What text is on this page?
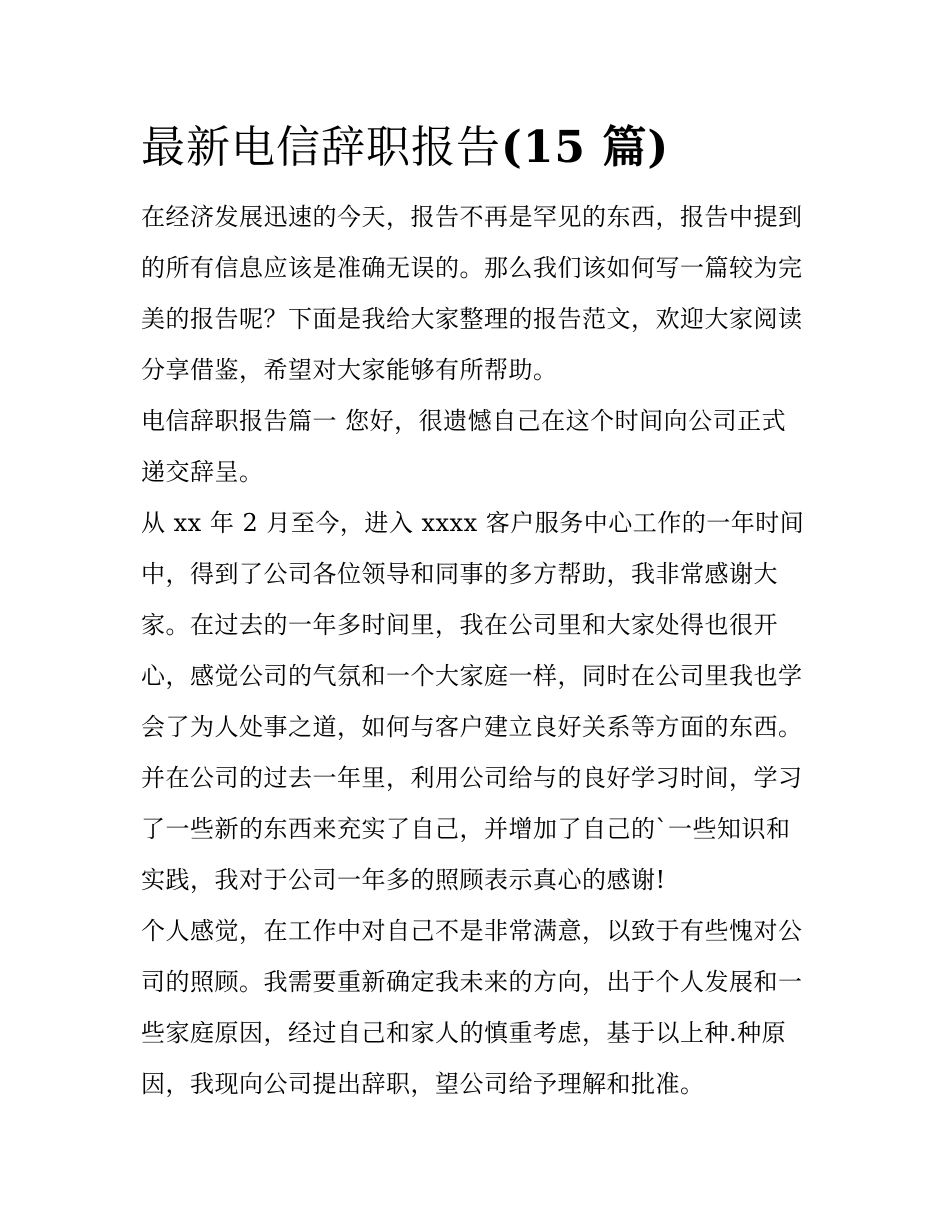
最新电信辞职报告(15 篇)

在经济发展迅速的今天，报告不再是罕见的东西，报告中提到
的所有信息应该是准确无误的。那么我们该如何写一篇较为完
美的报告呢？下面是我给大家整理的报告范文，欢迎大家阅读
分享借鉴，希望对大家能够有所帮助。

电信辞职报告篇一 您好，很遗憾自己在这个时间向公司正式
递交辞呈。

从 xx 年 2 月至今，进入 xxxx 客户服务中心工作的一年时间
中，得到了公司各位领导和同事的多方帮助，我非常感谢大
家。在过去的一年多时间里，我在公司里和大家处得也很开
心，感觉公司的气氛和一个大家庭一样，同时在公司里我也学
会了为人处事之道，如何与客户建立良好关系等方面的东西。
并在公司的过去一年里，利用公司给与的良好学习时间，学习
了一些新的东西来充实了自己，并增加了自己的`一些知识和
实践，我对于公司一年多的照顾表示真心的感谢!

个人感觉，在工作中对自己不是非常满意，以致于有些愧对公
司的照顾。我需要重新确定我未来的方向，出于个人发展和一
些家庭原因，经过自己和家人的慎重考虑，基于以上种.种原
因，我现向公司提出辞职，望公司给予理解和批准。
